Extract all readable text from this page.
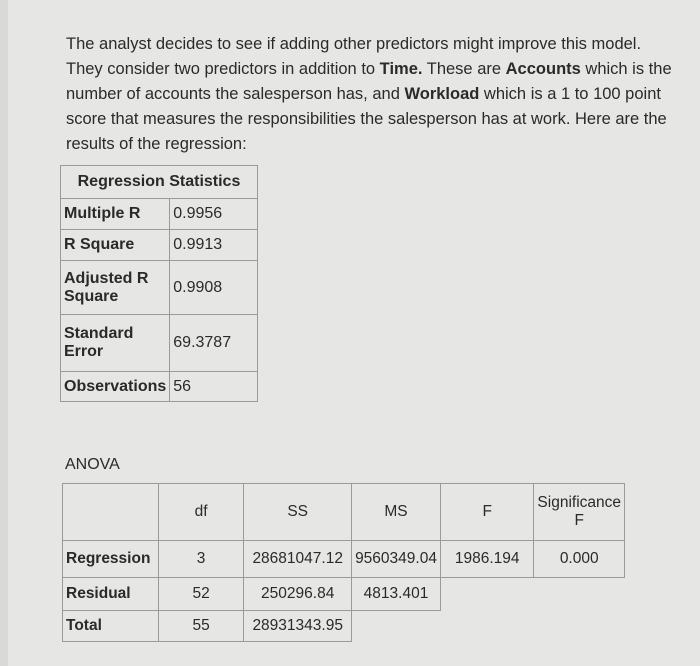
The analyst decides to see if adding other predictors might improve this model. They consider two predictors in addition to Time. These are Accounts which is the number of accounts the salesperson has, and Workload which is a 1 to 100 point score that measures the responsibilities the salesperson has at work. Here are the results of the regression:
Regression Statistics	
Multiple R	0.9956
R Square	0.9913
Adjusted R Square	0.9908
Standard Error	69.3787
Observations	56
ANOVA
	df	SS	MS	F	Significance F
Regression	3	28681047.12	9560349.04	1986.194	0.000
Residual	52	250296.84	4813.401		
Total	55	28931343.95			
